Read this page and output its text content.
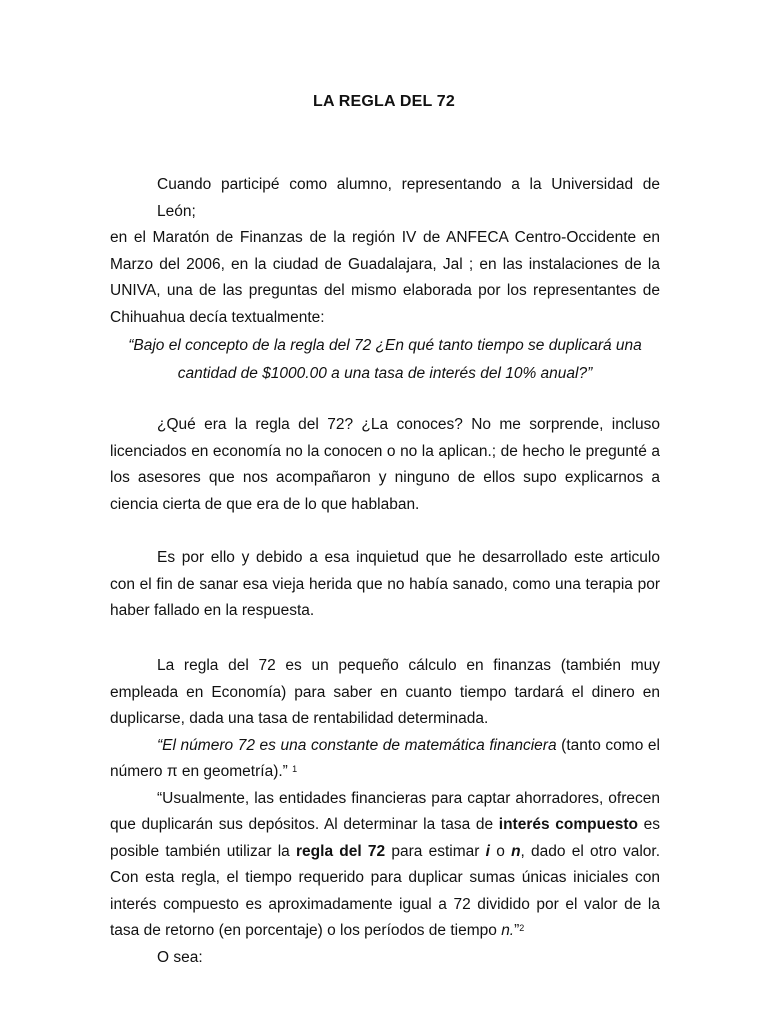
LA REGLA DEL 72
Cuando participé como alumno, representando a la Universidad de León;
en el Maratón de Finanzas de la región IV de ANFECA Centro-Occidente en
Marzo del 2006, en la ciudad de Guadalajara, Jal ; en las instalaciones de la
UNIVA, una de las preguntas del mismo elaborada por los representantes de
Chihuahua decía textualmente:
“Bajo el concepto de la regla del 72 ¿En qué tanto tiempo se duplicará una
cantidad de $1000.00 a una tasa de interés del 10% anual?”
¿Qué era la regla del 72? ¿La conoces? No me sorprende, incluso
licenciados en economía no la conocen o no la aplican.; de hecho le pregunté a
los asesores que nos acompañaron y ninguno de ellos supo explicarnos a
ciencia cierta de que era de lo que hablaban.
Es por ello y debido a esa inquietud que he desarrollado este articulo
con el fin de sanar esa vieja herida que no había sanado, como una terapia por
haber fallado en la respuesta.
La regla del 72 es un pequeño cálculo en finanzas (también muy
empleada en Economía) para saber en cuanto tiempo tardará el dinero en
duplicarse, dada una tasa de rentabilidad determinada.
“El número 72 es una constante de matemática financiera (tanto como el
número π en geometría).” $^1$
“Usualmente, las entidades financieras para captar ahorradores, ofrecen
que duplicarán sus depósitos. Al determinar la tasa de interés compuesto es
posible también utilizar la regla del 72 para estimar i o n, dado el otro valor.
Con esta regla, el tiempo requerido para duplicar sumas únicas iniciales con
interés compuesto es aproximadamente igual a 72 dividido por el valor de la
tasa de retorno (en porcentaje) o los períodos de tiempo n.”$^2$
O sea:
